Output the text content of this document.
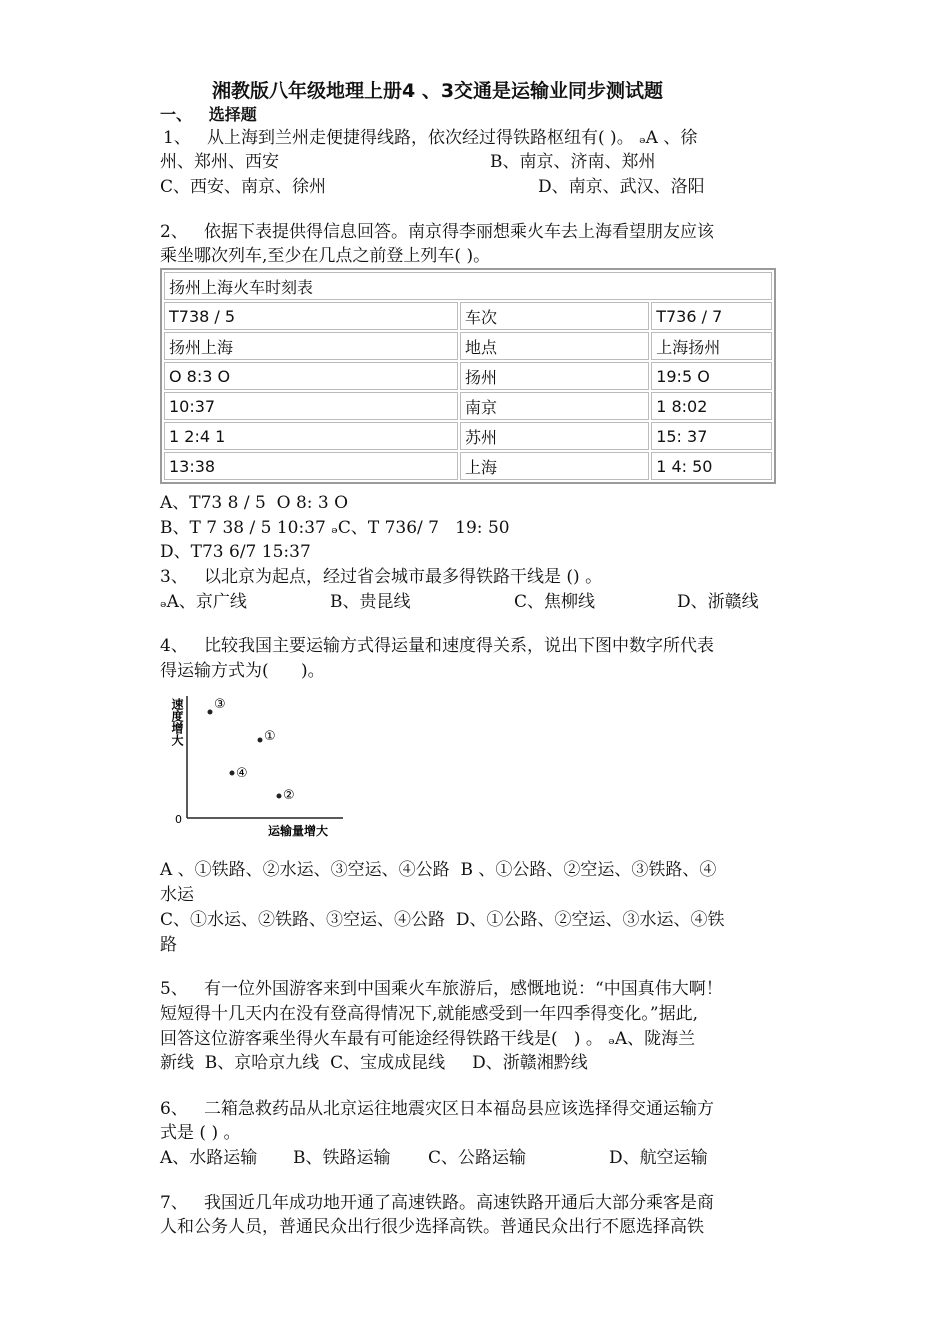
湘教版八年级地理上册4 、3交通是运输业同步测试题
一、   选择题
1、   从上海到兰州走便捷得线路，依次经过得铁路枢纽有( )。 ₔA 、徐
州、郑州、西安	B、南京、济南、郑州
C、西安、南京、徐州	D、南京、武汉、洛阳
2、   依据下表提供得信息回答。南京得李丽想乘火车去上海看望朋友应该
乘坐哪次列车,至少在几点之前登上列车( )。
扬州上海火车时刻表		
T738 / 5	车次	T736 / 7
扬州上海	地点	上海扬州
O 8:3 O	扬州	19:5 O
10:37	南京	1 8:02
1 2:4 1	苏州	15: 37
13:38	上海	1 4: 50
A、T73 8 / 5  O 8: 3 O
B、T 7 38 / 5 10:37 ₔC、T 736/ 7   19: 50
D、T73 6/7 15:37
3、   以北京为起点，经过省会城市最多得铁路干线是 () 。
ₔA、京广线	B、贵昆线	C、焦柳线	D、浙赣线
4、   比较我国主要运输方式得运量和速度得关系，说出下图中数字所代表
得运输方式为(      )。
0
速度增大
运输量增大
③
①
④
②
A 、①铁路、②水运、③空运、④公路  B 、①公路、②空运、③铁路、④
水运
C、①水运、②铁路、③空运、④公路  D、①公路、②空运、③水运、④铁
路
5、   有一位外国游客来到中国乘火车旅游后，感慨地说：“中国真伟大啊！
短短得十几天内在没有登高得情况下,就能感受到一年四季得变化。”据此,
回答这位游客乘坐得火车最有可能途经得铁路干线是(   ) 。 ₔA、陇海兰
新线  B、京哈京九线  C、宝成成昆线     D、浙赣湘黔线
6、   二箱急救药品从北京运往地震灾区日本福岛县应该选择得交通运输方
式是 ( ) 。
A、水路运输 B、铁路运输 C、公路运输	D、航空运输
7、   我国近几年成功地开通了高速铁路。高速铁路开通后大部分乘客是商
人和公务人员，普通民众出行很少选择高铁。普通民众出行不愿选择高铁
